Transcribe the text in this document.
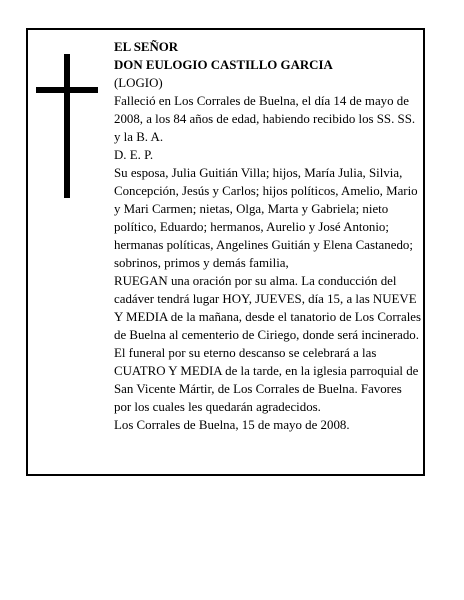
EL SEÑOR

DON EULOGIO CASTILLO GARCIA

(LOGIO)

Falleció en Los Corrales de Buelna, el día 14 de mayo de 2008, a los 84 años de edad, habiendo recibido los SS. SS. y la B. A.

D. E. P.

Su esposa, Julia Guitián Villa; hijos, María Julia, Silvia, Concepción, Jesús y Carlos; hijos políticos, Amelio, Mario y Mari Carmen; nietas, Olga, Marta y Gabriela; nieto político, Eduardo; hermanos, Aurelio y José Antonio; hermanas políticas, Angelines Guitián y Elena Castanedo; sobrinos, primos y demás familia,

RUEGAN una oración por su alma. La conducción del cadáver tendrá lugar HOY, JUEVES, día 15, a las NUEVE Y MEDIA de la mañana, desde el tanatorio de Los Corrales de Buelna al cementerio de Ciriego, donde será incinerado. El funeral por su eterno descanso se celebrará a las CUATRO Y MEDIA de la tarde, en la iglesia parroquial de San Vicente Mártir, de Los Corrales de Buelna. Favores por los cuales les quedarán agradecidos.

Los Corrales de Buelna, 15 de mayo de 2008.
